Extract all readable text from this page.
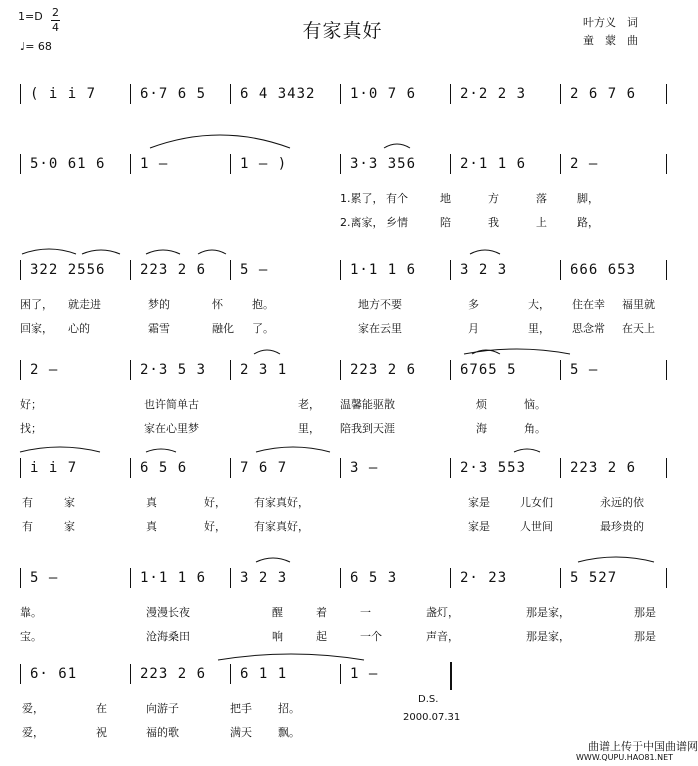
有家真好
1=D 2
4
♩= 68
叶方义　词
童　蒙　曲
( i i 7	6·7 6 5 6 4 3432 1·0 7 6	2·2 2 3	2 6 7 6
5·0 61 6 1 –	1 – )	3·3 356	2·1 1 6	2 –
1.累了， 有个	地	方	落	脚，
2.离家， 乡情	陪	我	上	路，
322 2556 223 2 6 5 –	1·1 1 6	3 2 3	666 653
困了， 就走进	梦的	怀	抱。	地方不要	多	大， 住在幸 福里就
回家， 心的	霜雪	融化 了。	家在云里	月	里， 思念常 在天上
2 –	2·3 5 3 2 3 1	223 2 6	6765 5	5 –
好；	也许简单古	老， 温馨能驱散	烦	恼。
找；	家在心里梦	里， 陪我到天涯	海	角。
i i 7	6 5 6	7 6 7	3 –	2·3 553	223 2 6
有	家	真	好，	有家真好，	家是	儿女们	永远的依
有	家	真	好，	有家真好，	家是	人世间	最珍贵的
5 –	1·1 1 6 3 2 3	6 5 3	2· 23	5 527
靠。	漫漫长夜	醒	着	一	盏灯，	那是家，	那是
宝。	沧海桑田	响	起	一个	声音，	那是家，	那是
6· 61	223 2 6 6 1 1	1 –
爱，	在	向游子	把手 招。
爱，	祝	福的歌	满天 飘。
D.S.
2000.07.31
曲谱上传于中国曲谱网
WWW.QUPU.HAO81.NET
